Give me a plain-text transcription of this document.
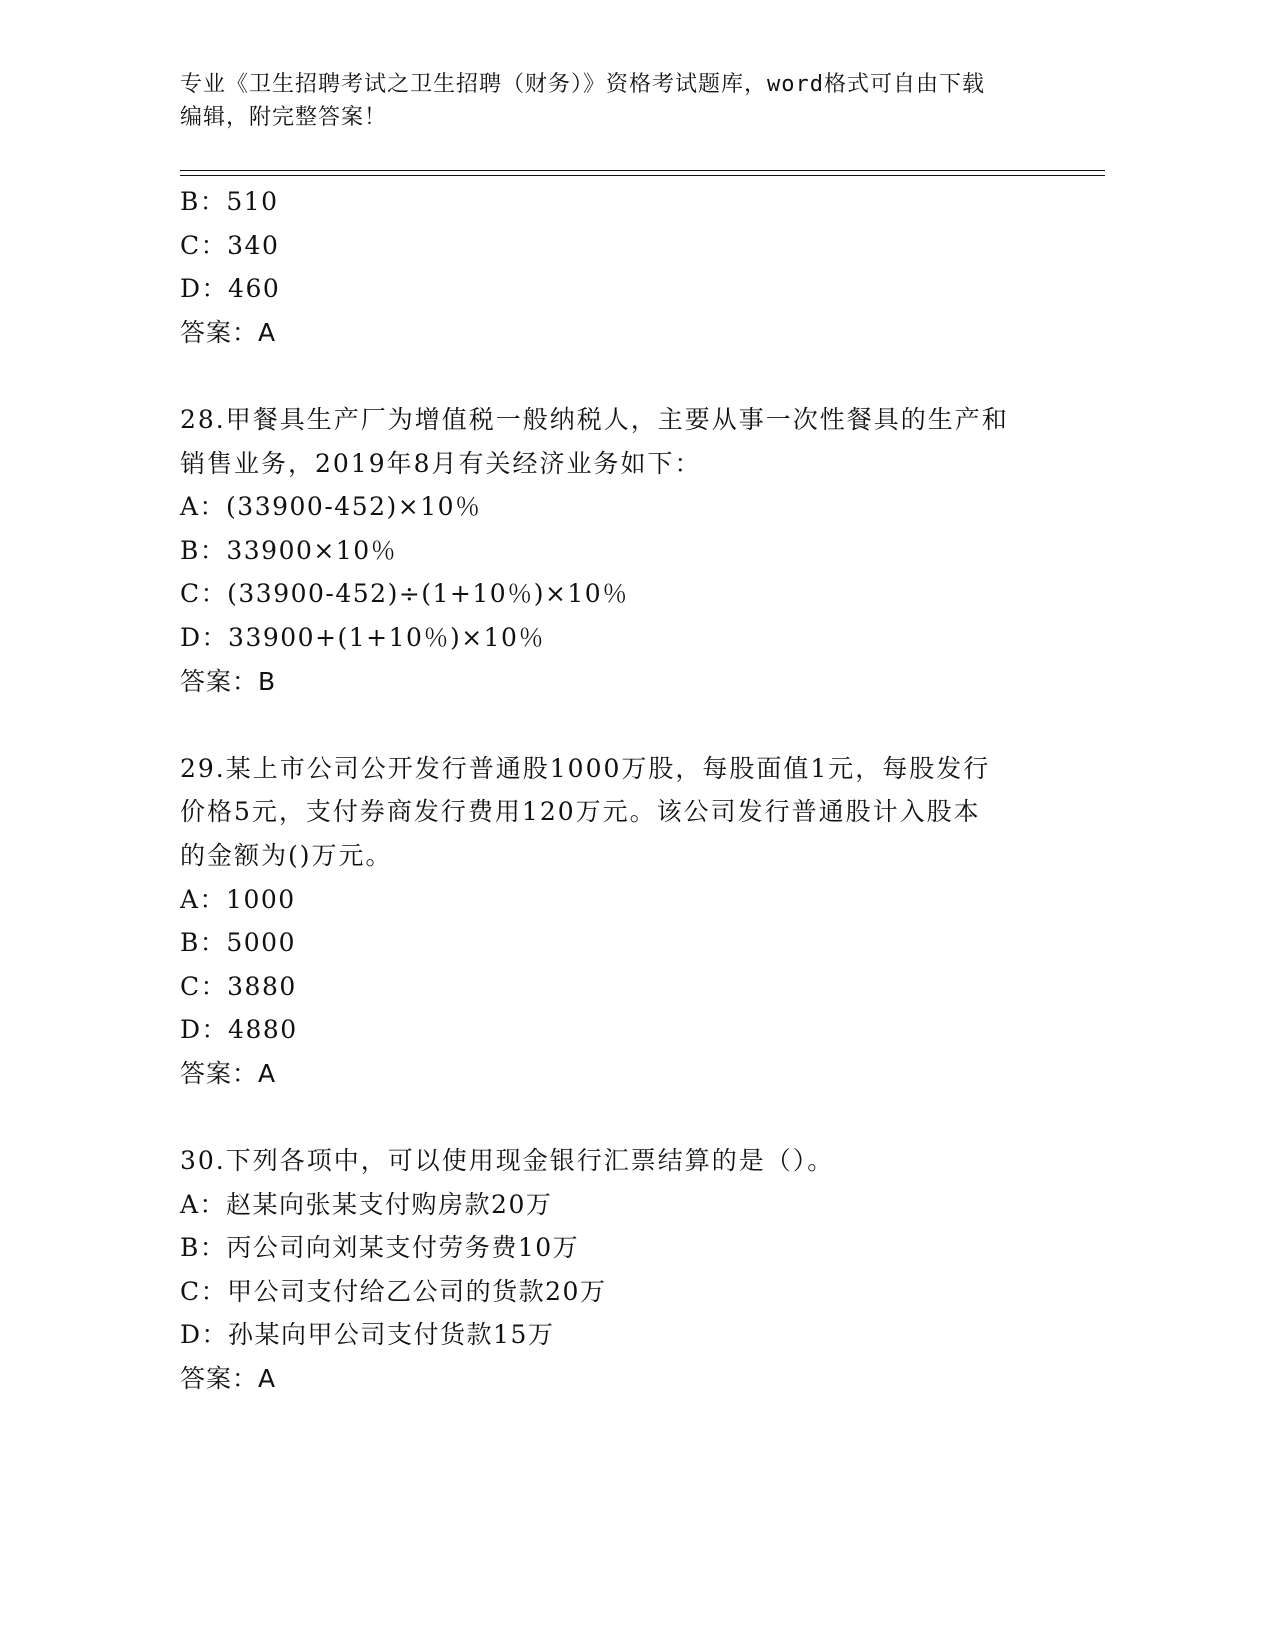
专业《卫生招聘考试之卫生招聘（财务）》资格考试题库，word格式可自由下载
编辑，附完整答案！
B：510
C：340
D：460
答案：A
28.甲餐具生产厂为增值税一般纳税人，主要从事一次性餐具的生产和
销售业务，2019年8月有关经济业务如下：
A：(33900-452)×10％
B：33900×10％
C：(33900-452)÷(1+10％)×10％
D：33900+(1+10％)×10％
答案：B
29.某上市公司公开发行普通股1000万股，每股面值1元，每股发行
价格5元，支付券商发行费用120万元。该公司发行普通股计入股本
的金额为()万元。
A：1000
B：5000
C：3880
D：4880
答案：A
30.下列各项中，可以使用现金银行汇票结算的是（）。
A：赵某向张某支付购房款20万
B：丙公司向刘某支付劳务费10万
C：甲公司支付给乙公司的货款20万
D：孙某向甲公司支付货款15万
答案：A
